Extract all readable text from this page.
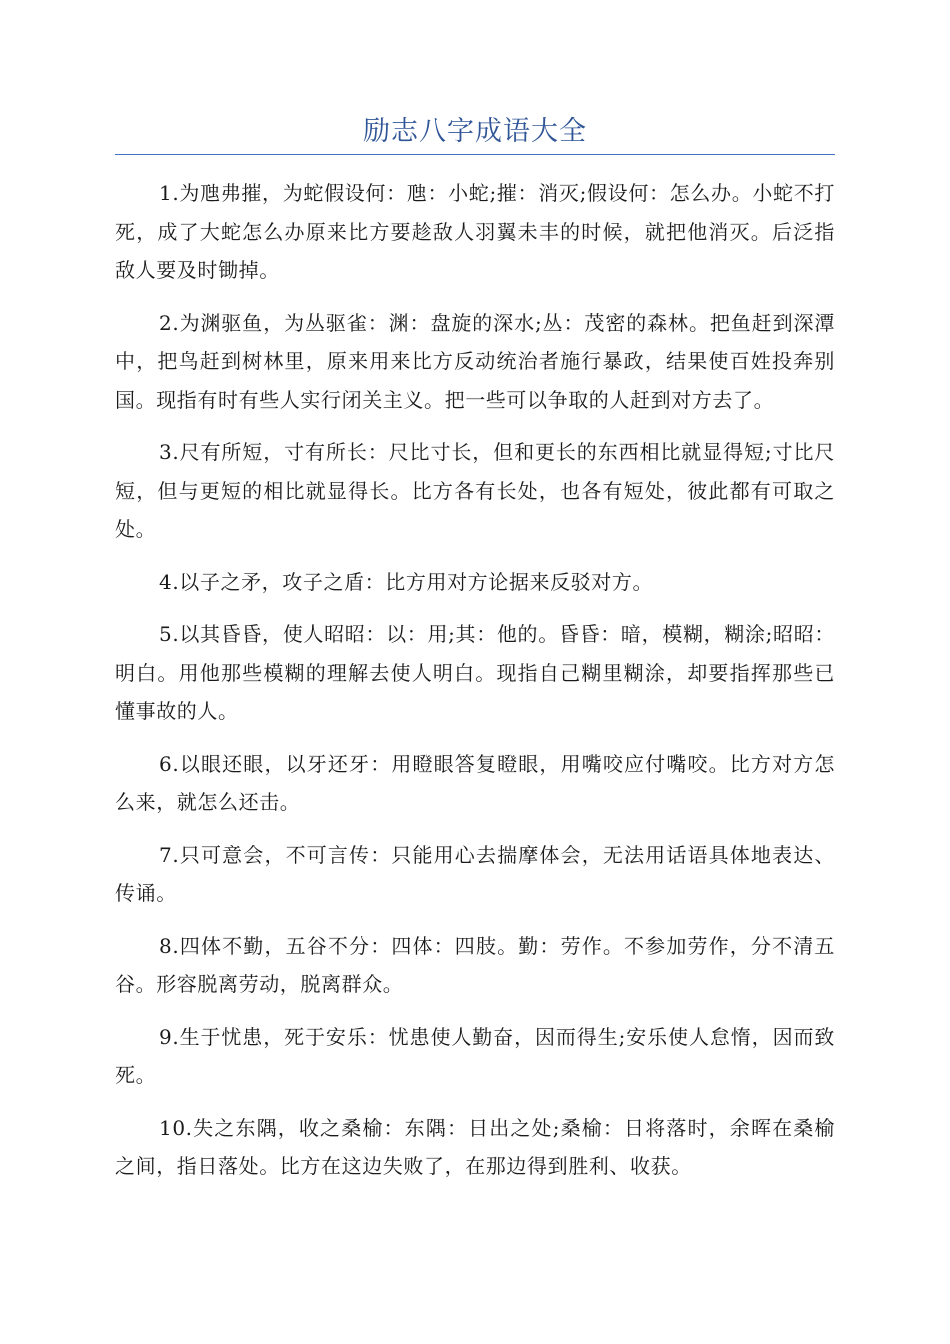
励志八字成语大全

1.为虺弗摧，为蛇假设何：虺：小蛇;摧：消灭;假设何：怎么办。小蛇不打死，成了大蛇怎么办原来比方要趁敌人羽翼未丰的时候，就把他消灭。后泛指敌人要及时锄掉。

2.为渊驱鱼，为丛驱雀：渊：盘旋的深水;丛：茂密的森林。把鱼赶到深潭中，把鸟赶到树林里，原来用来比方反动统治者施行暴政，结果使百姓投奔别国。现指有时有些人实行闭关主义。把一些可以争取的人赶到对方去了。

3.尺有所短，寸有所长：尺比寸长，但和更长的东西相比就显得短;寸比尺短，但与更短的相比就显得长。比方各有长处，也各有短处，彼此都有可取之处。

4.以子之矛，攻子之盾：比方用对方论据来反驳对方。

5.以其昏昏，使人昭昭：以：用;其：他的。昏昏：暗，模糊，糊涂;昭昭：明白。用他那些模糊的理解去使人明白。现指自己糊里糊涂，却要指挥那些已懂事故的人。

6.以眼还眼，以牙还牙：用瞪眼答复瞪眼，用嘴咬应付嘴咬。比方对方怎么来，就怎么还击。

7.只可意会，不可言传：只能用心去揣摩体会，无法用话语具体地表达、传诵。

8.四体不勤，五谷不分：四体：四肢。勤：劳作。不参加劳作，分不清五谷。形容脱离劳动，脱离群众。

9.生于忧患，死于安乐：忧患使人勤奋，因而得生;安乐使人怠惰，因而致死。

10.失之东隅，收之桑榆：东隅：日出之处;桑榆：日将落时，余晖在桑榆之间，指日落处。比方在这边失败了，在那边得到胜利、收获。
